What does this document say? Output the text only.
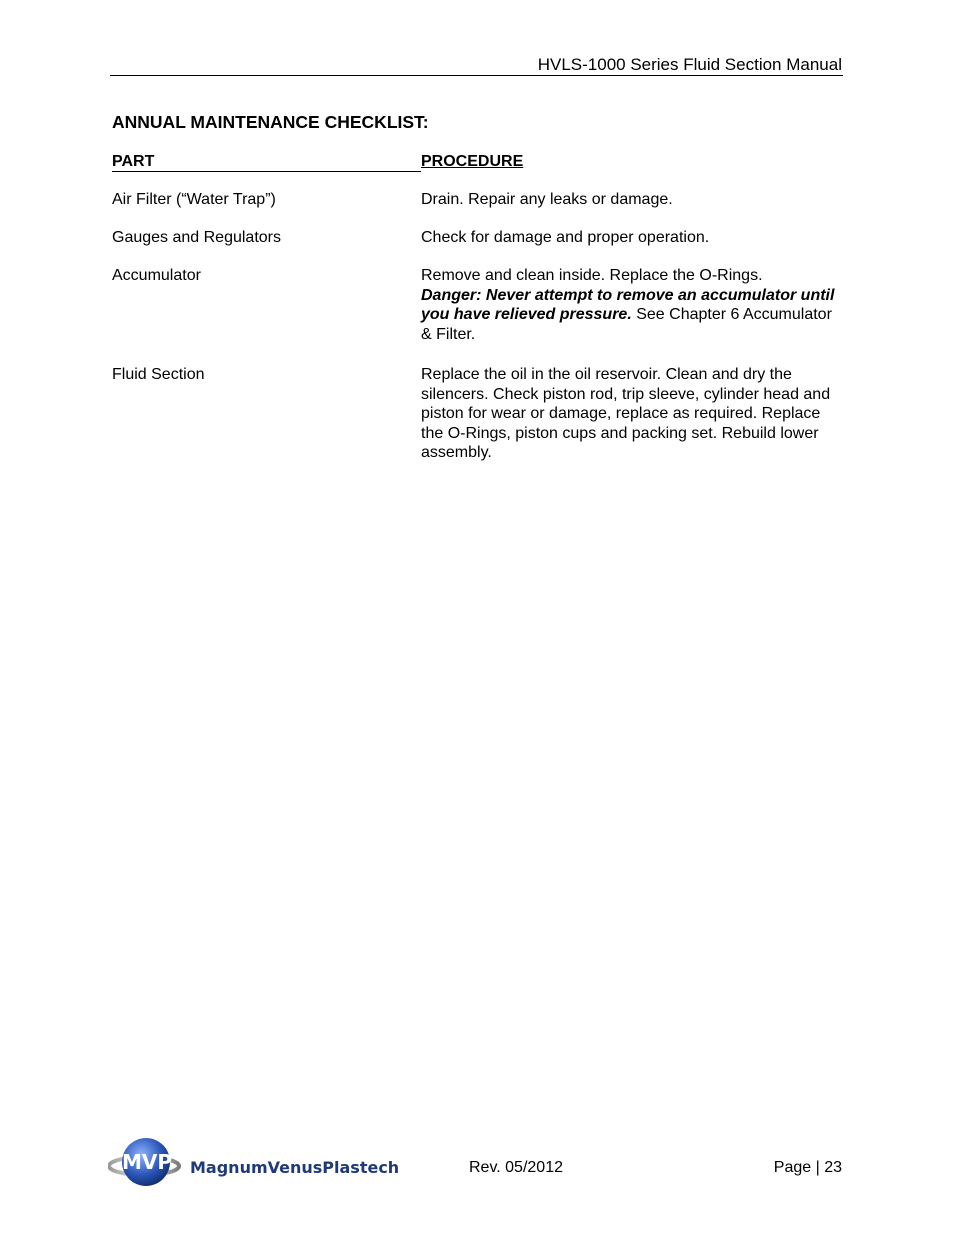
HVLS-1000 Series Fluid Section Manual
ANNUAL MAINTENANCE CHECKLIST:
PART	PROCEDURE
Air Filter (“Water Trap”)	Drain. Repair any leaks or damage.
Gauges and Regulators	Check for damage and proper operation.
Accumulator	Remove and clean inside. Replace the O-Rings.
Danger: Never attempt to remove an accumulator until you have relieved pressure. See Chapter 6 Accumulator & Filter.
Fluid Section	Replace the oil in the oil reservoir. Clean and dry the silencers. Check piston rod, trip sleeve, cylinder head and piston for wear or damage, replace as required. Replace the O-Rings, piston cups and packing set. Rebuild lower assembly.
MVP MagnumVenusPlastech	Rev. 05/2012	Page | 23
